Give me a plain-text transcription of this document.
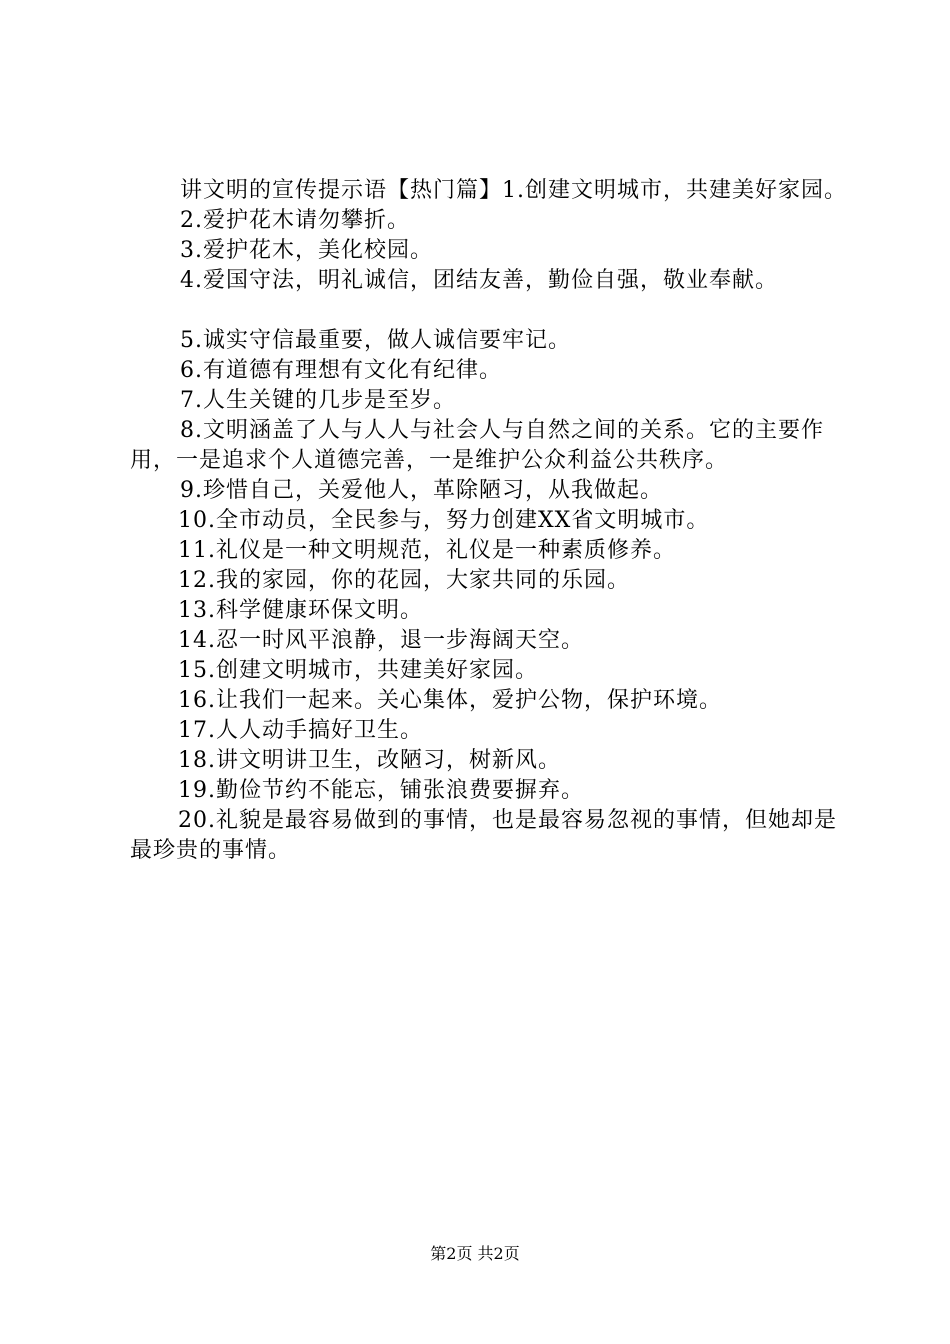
讲文明的宣传提示语【热门篇】1.创建文明城市，共建美好家园。

2.爱护花木请勿攀折。

3.爱护花木，美化校园。

4.爱国守法，明礼诚信，团结友善，勤俭自强，敬业奉献。

5.诚实守信最重要，做人诚信要牢记。

6.有道德有理想有文化有纪律。

7.人生关键的几步是至岁。

8.文明涵盖了人与人人与社会人与自然之间的关系。它的主要作用，一是追求个人道德完善，一是维护公众利益公共秩序。

9.珍惜自己，关爱他人，革除陋习，从我做起。

10.全市动员，全民参与，努力创建XX省文明城市。

11.礼仪是一种文明规范，礼仪是一种素质修养。

12.我的家园，你的花园，大家共同的乐园。

13.科学健康环保文明。

14.忍一时风平浪静，退一步海阔天空。

15.创建文明城市，共建美好家园。

16.让我们一起来。关心集体，爱护公物，保护环境。

17.人人动手搞好卫生。

18.讲文明讲卫生，改陋习，树新风。

19.勤俭节约不能忘，铺张浪费要摒弃。

20.礼貌是最容易做到的事情，也是最容易忽视的事情，但她却是最珍贵的事情。

第2页 共2页
